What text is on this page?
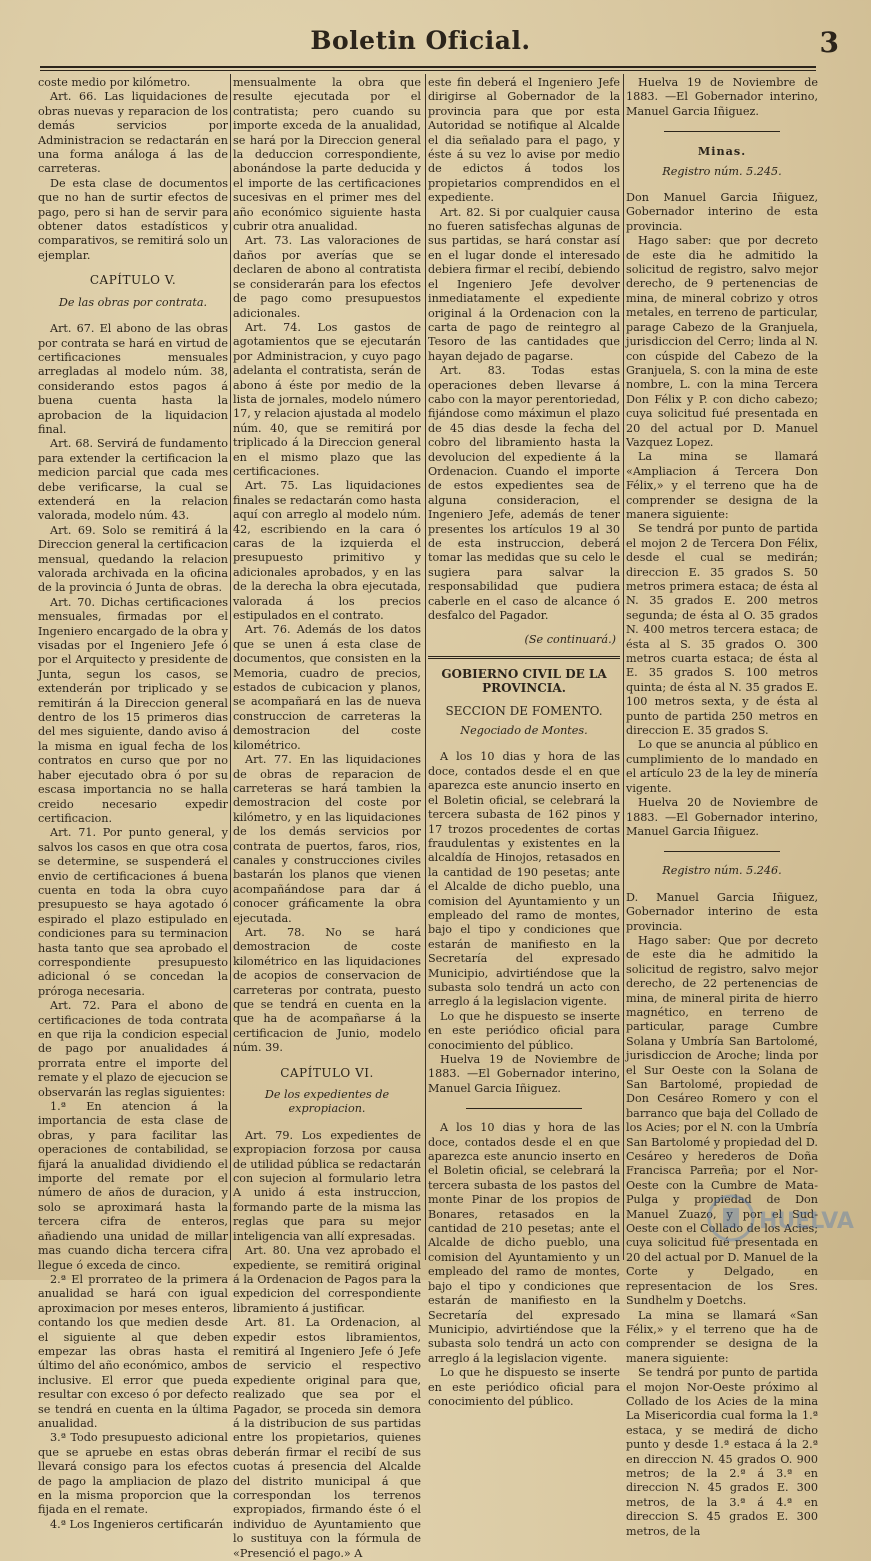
Boletin Oficial.	3

coste medio por kilómetro.

Art. 66. Las liquidaciones de obras nuevas y reparacion de los demás servicios por Administracion se redactarán en una forma análoga á las de carreteras.

De esta clase de documentos que no han de surtir efectos de pago, pero si han de servir para obtener datos estadísticos y comparativos, se remitirá solo un ejemplar.

CAPÍTULO V.

De las obras por contrata.

Art. 67. El abono de las obras por contrata se hará en virtud de certificaciones mensuales arregladas al modelo núm. 38, considerando estos pagos á buena cuenta hasta la aprobacion de la liquidacion final.

Art. 68. Servirá de fundamento para extender la certificacion la medicion parcial que cada mes debe verificarse, la cual se extenderá en la relacion valorada, modelo núm. 43.

Art. 69. Solo se remitirá á la Direccion general la certificacion mensual, quedando la relacion valorada archivada en la oficina de la provincia ó Junta de obras.

Art. 70. Dichas certificaciones mensuales, firmadas por el Ingeniero encargado de la obra y visadas por el Ingeniero Jefe ó por el Arquitecto y presidente de Junta, segun los casos, se extenderán por triplicado y se remitirán á la Direccion general dentro de los 15 primeros dias del mes siguiente, dando aviso á la misma en igual fecha de los contratos en curso que por no haber ejecutado obra ó por su escasa importancia no se halla creido necesario expedir certificacion.

Art. 71. Por punto general, y salvos los casos en que otra cosa se determine, se suspenderá el envio de certificaciones á buena cuenta en toda la obra cuyo presupuesto se haya agotado ó espirado el plazo estipulado en condiciones para su terminacion hasta tanto que sea aprobado el correspondiente presupuesto adicional ó se concedan la próroga necesaria.

Art. 72. Para el abono de certificaciones de toda contrata en que rija la condicion especial de pago por anualidades á prorrata entre el importe del remate y el plazo de ejecucion se observarán las reglas siguientes:

1.ª En atencion á la importancia de esta clase de obras, y para facilitar las operaciones de contabilidad, se fijará la anualidad dividiendo el importe del remate por el número de años de duracion, y solo se aproximará hasta la tercera cifra de enteros, añadiendo una unidad de millar mas cuando dicha tercera cifra llegue ó exceda de cinco.

2.ª El prorrateo de la primera anualidad se hará con igual aproximacion por meses enteros, contando los que medien desde el siguiente al que deben empezar las obras hasta el último del año económico, ambos inclusive. El error que pueda resultar con exceso ó por defecto se tendrá en cuenta en la última anualidad.

3.ª Todo presupuesto adicional que se apruebe en estas obras llevará consigo para los efectos de pago la ampliacion de plazo en la misma proporcion que la fijada en el remate.

4.ª Los Ingenieros certificarán

mensualmente la obra que resulte ejecutada por el contratista; pero cuando su importe exceda de la anualidad, se hará por la Direccion general la deduccion correspondiente, abonándose la parte deducida y el importe de las certificaciones sucesivas en el primer mes del año económico siguiente hasta cubrir otra anualidad.

Art. 73. Las valoraciones de daños por averías que se declaren de abono al contratista se considerarán para los efectos de pago como presupuestos adicionales.

Art. 74. Los gastos de agotamientos que se ejecutarán por Administracion, y cuyo pago adelanta el contratista, serán de abono á éste por medio de la lista de jornales, modelo número 17, y relacion ajustada al modelo núm. 40, que se remitirá por triplicado á la Direccion general en el mismo plazo que las certificaciones.

Art. 75. Las liquidaciones finales se redactarán como hasta aquí con arreglo al modelo núm. 42, escribiendo en la cara ó caras de la izquierda el presupuesto primitivo y adicionales aprobados, y en las de la derecha la obra ejecutada, valorada á los precios estipulados en el contrato.

Art. 76. Además de los datos que se unen á esta clase de documentos, que consisten en la Memoria, cuadro de precios, estados de cubicacion y planos, se acompañará en las de nueva construccion de carreteras la demostracion del coste kilométrico.

Art. 77. En las liquidaciones de obras de reparacion de carreteras se hará tambien la demostracion del coste por kilómetro, y en las liquidaciones de los demás servicios por contrata de puertos, faros, rios, canales y construcciones civiles bastarán los planos que vienen acompañándose para dar á conocer gráficamente la obra ejecutada.

Art. 78. No se hará demostracion de coste kilométrico en las liquidaciones de acopios de conservacion de carreteras por contrata, puesto que se tendrá en cuenta en la que ha de acompañarse á la certificacion de Junio, modelo núm. 39.

CAPÍTULO VI.

De los expedientes de expropiacion.

Art. 79. Los expedientes de expropiacion forzosa por causa de utilidad pública se redactarán con sujecion al formulario letra A unido á esta instruccion, formando parte de la misma las reglas que para su mejor inteligencia van allí expresadas.

Art. 80. Una vez aprobado el expediente, se remitirá original á la Ordenacion de Pagos para la expedicion del correspondiente libramiento á justificar.

Art. 81. La Ordenacion, al expedir estos libramientos, remitirá al Ingeniero Jefe ó Jefe de servicio el respectivo expediente original para que, realizado que sea por el Pagador, se proceda sin demora á la distribucion de sus partidas entre los propietarios, quienes deberán firmar el recibí de sus cuotas á presencia del Alcalde del distrito municipal á que correspondan los terrenos expropiados, firmando éste ó el individuo de Ayuntamiento que lo sustituya con la fórmula de «Presenció el pago.» A

este fin deberá el Ingeniero Jefe dirigirse al Gobernador de la provincia para que por esta Autoridad se notifique al Alcalde el dia señalado para el pago, y éste á su vez lo avise por medio de edictos á todos los propietarios comprendidos en el expediente.

Art. 82. Si por cualquier causa no fueren satisfechas algunas de sus partidas, se hará constar así en el lugar donde el interesado debiera firmar el recibí, debiendo el Ingeniero Jefe devolver inmediatamente el expediente original á la Ordenacion con la carta de pago de reintegro al Tesoro de las cantidades que hayan dejado de pagarse.

Art. 83. Todas estas operaciones deben llevarse á cabo con la mayor perentoriedad, fijándose como máximun el plazo de 45 dias desde la fecha del cobro del libramiento hasta la devolucion del expediente á la Ordenacion. Cuando el importe de estos expedientes sea de alguna consideracion, el Ingeniero Jefe, además de tener presentes los artículos 19 al 30 de esta instruccion, deberá tomar las medidas que su celo le sugiera para salvar la responsabilidad que pudiera caberle en el caso de alcance ó desfalco del Pagador.

(Se continuará.)

GOBIERNO CIVIL DE LA PROVINCIA.

SECCION DE FOMENTO.

Negociado de Montes.

A los 10 dias y hora de las doce, contados desde el en que aparezca este anuncio inserto en el Boletin oficial, se celebrará la tercera subasta de 162 pinos y 17 trozos procedentes de cortas fraudulentas y existentes en la alcaldía de Hinojos, retasados en la cantidad de 190 pesetas; ante el Alcalde de dicho pueblo, una comision del Ayuntamiento y un empleado del ramo de montes, bajo el tipo y condiciones que estarán de manifiesto en la Secretaría del expresado Municipio, advirtiéndose que la subasta solo tendrá un acto con arreglo á la legislacion vigente.

Lo que he dispuesto se inserte en este periódico oficial para conocimiento del público.

Huelva 19 de Noviembre de 1883. —El Gobernador interino, Manuel Garcia Iñiguez.

A los 10 dias y hora de las doce, contados desde el en que aparezca este anuncio inserto en el Boletin oficial, se celebrará la tercera subasta de los pastos del monte Pinar de los propios de Bonares, retasados en la cantidad de 210 pesetas; ante el Alcalde de dicho pueblo, una comision del Ayuntamiento y un empleado del ramo de montes, bajo el tipo y condiciones que estarán de manifiesto en la Secretaría del expresado Municipio, advirtiéndose que la subasta solo tendrá un acto con arreglo á la legislacion vigente.

Lo que he dispuesto se inserte en este periódico oficial para conocimiento del público.

Huelva 19 de Noviembre de 1883. —El Gobernador interino, Manuel Garcia Iñiguez.

Minas.

Registro núm. 5.245.

Don Manuel Garcia Iñiguez, Gobernador interino de esta provincia.

Hago saber: que por decreto de este dia he admitido la solicitud de registro, salvo mejor derecho, de 9 pertenencias de mina, de mineral cobrizo y otros metales, en terreno de particular, parage Cabezo de la Granjuela, jurisdiccion del Cerro; linda al N. con cúspide del Cabezo de la Granjuela, S. con la mina de este nombre, L. con la mina Tercera Don Félix y P. con dicho cabezo; cuya solicitud fué presentada en 20 del actual por D. Manuel Vazquez Lopez.

La mina se llamará «Ampliacion á Tercera Don Félix,» y el terreno que ha de comprender se designa de la manera siguiente:

Se tendrá por punto de partida el mojon 2 de Tercera Don Félix, desde el cual se medirán; direccion E. 35 grados S. 50 metros primera estaca; de ésta al N. 35 grados E. 200 metros segunda; de ésta al O. 35 grados N. 400 metros tercera estaca; de ésta al S. 35 grados O. 300 metros cuarta estaca; de ésta al E. 35 grados S. 100 metros quinta; de ésta al N. 35 grados E. 100 metros sexta, y de ésta al punto de partida 250 metros en direccion E. 35 grados S.

Lo que se anuncia al público en cumplimiento de lo mandado en el artículo 23 de la ley de minería vigente.

Huelva 20 de Noviembre de 1883. —El Gobernador interino, Manuel Garcia Iñiguez.

Registro núm. 5.246.

D. Manuel Garcia Iñiguez, Gobernador interino de esta provincia.

Hago saber: Que por decreto de este dia he admitido la solicitud de registro, salvo mejor derecho, de 22 pertenencias de mina, de mineral pirita de hierro magnético, en terreno de particular, parage Cumbre Solana y Umbría San Bartolomé, jurisdiccion de Aroche; linda por el Sur Oeste con la Solana de San Bartolomé, propiedad de Don Cesáreo Romero y con el barranco que baja del Collado de los Acies; por el N. con la Umbría San Bartolomé y propiedad del D. Cesáreo y herederos de Doña Francisca Parreña; por el Nor-Oeste con la Cumbre de Mata-Pulga y propiedad de Don Manuel Zuazo, y por el Sud-Oeste con el Collado de los Acies; cuya solicitud fué presentada en 20 del actual por D. Manuel de la Corte y Delgado, en representacion de los Sres. Sundhelm y Doetchs.

La mina se llamará «San Félix,» y el terreno que ha de comprender se designa de la manera siguiente:

Se tendrá por punto de partida el mojon Nor-Oeste próximo al Collado de los Acies de la mina La Misericordia cual forma la 1.ª estaca, y se medirá de dicho punto y desde 1.ª estaca á la 2.ª en direccion N. 45 grados O. 900 metros; de la 2.ª á 3.ª en direccion N. 45 grados E. 300 metros, de la 3.ª á 4.ª en direccion S. 45 grados E. 300 metros, de la

HUELVA
